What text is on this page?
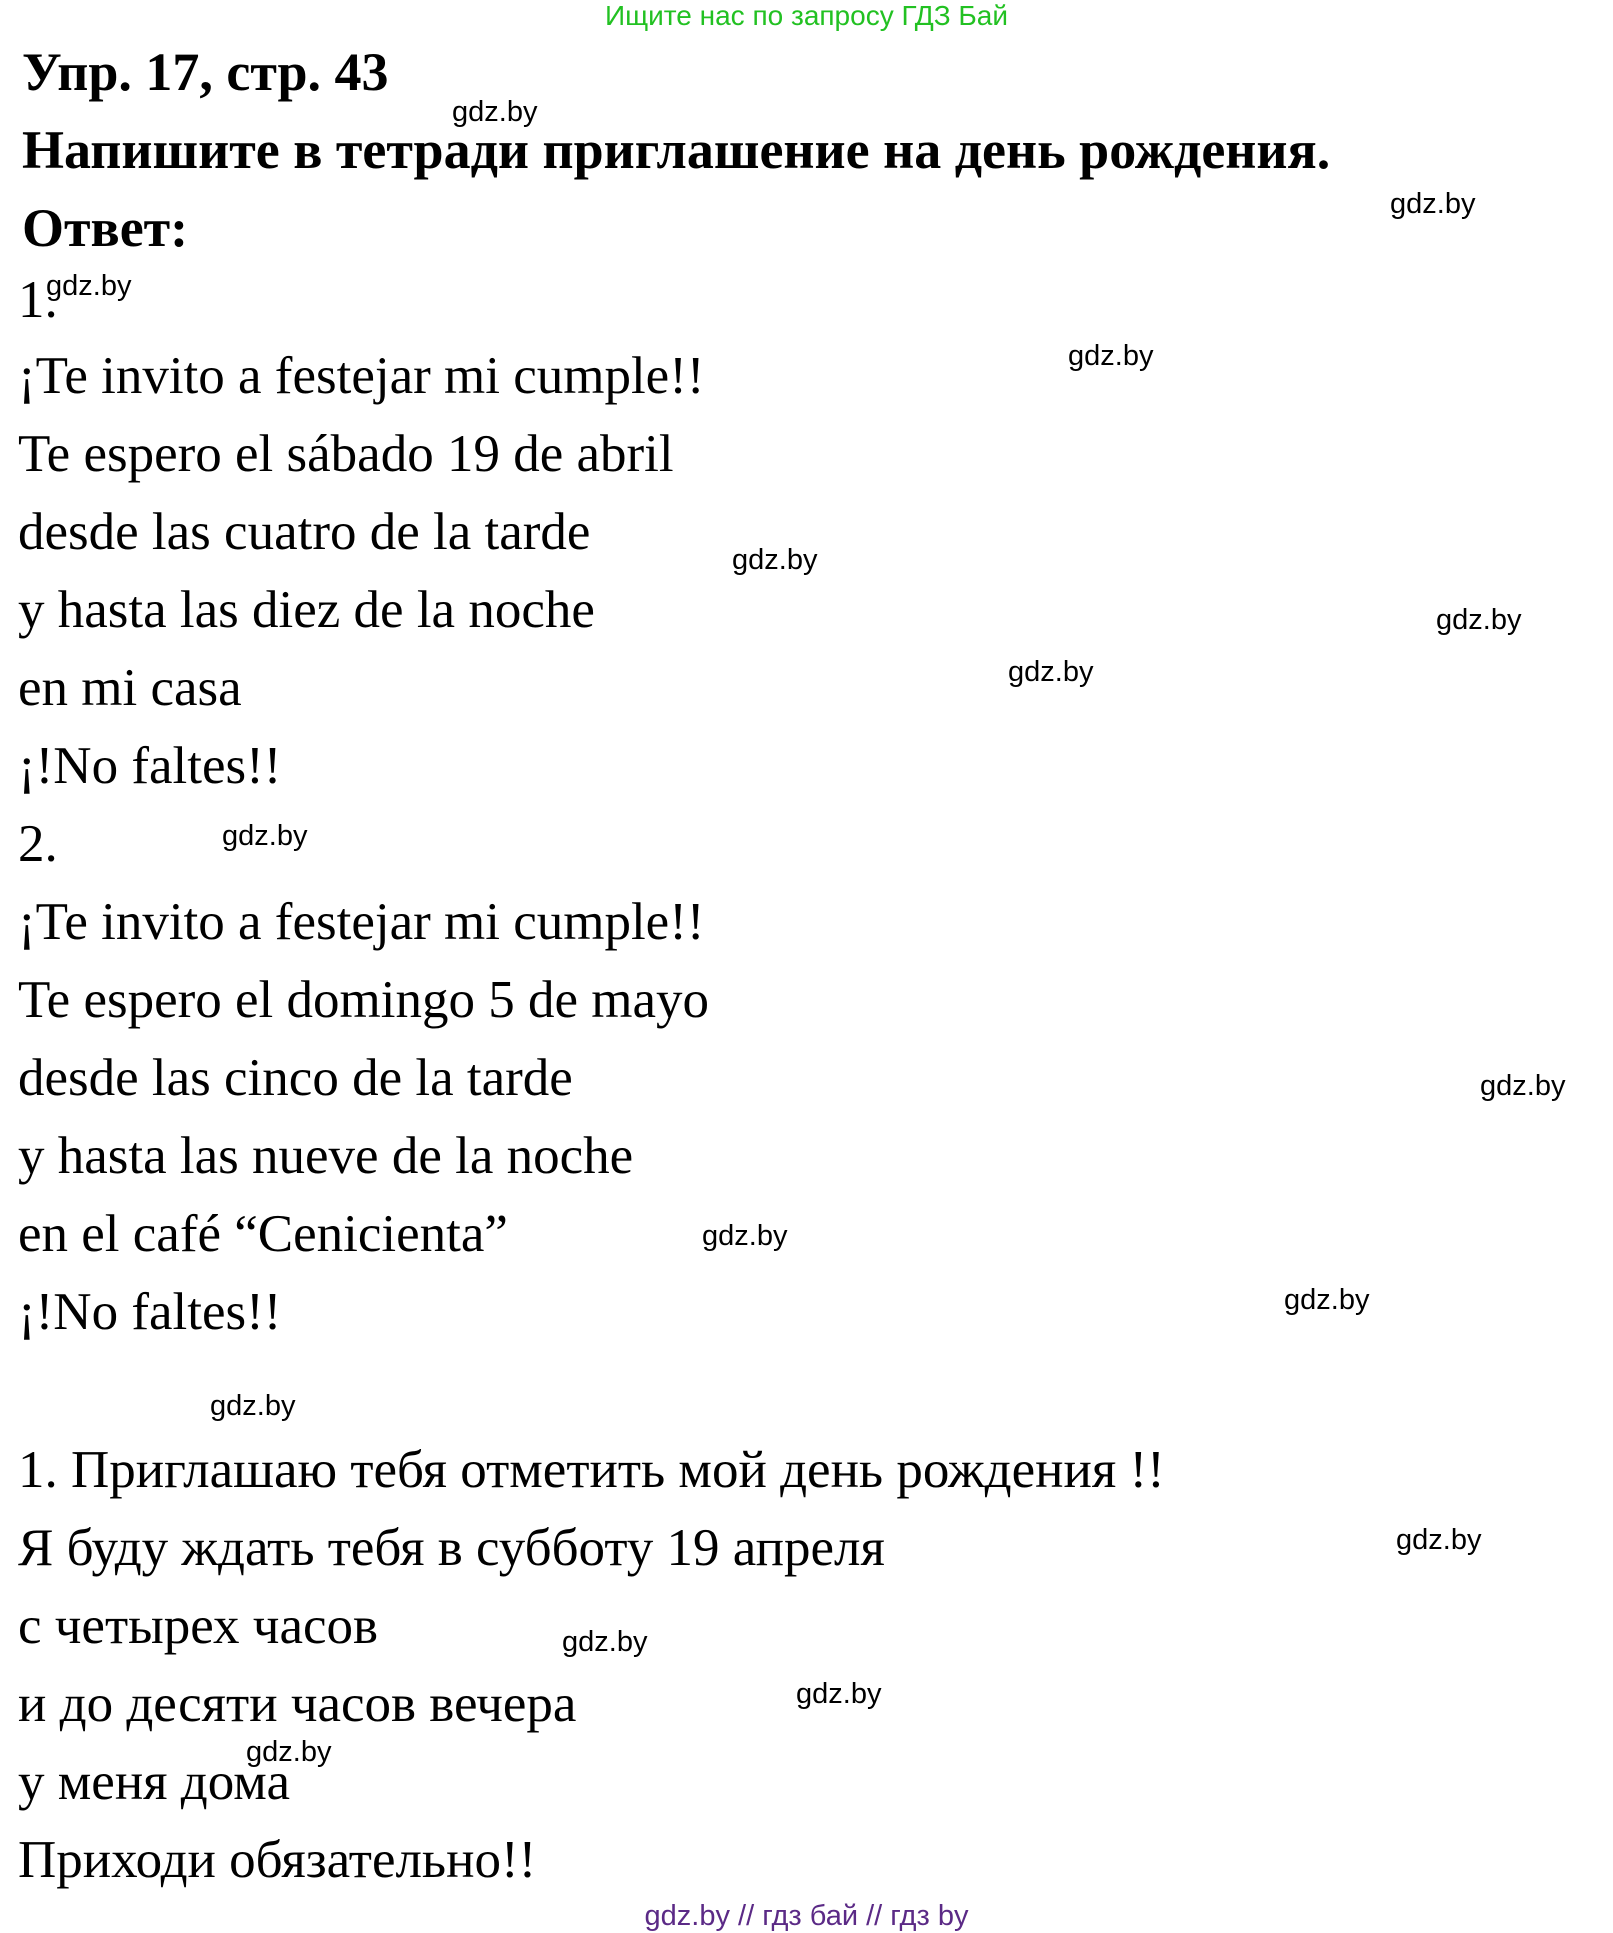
Ищите нас по запросу ГДЗ Бай
Упр. 17, стр. 43
Напишите в тетради приглашение на день рождения.
Ответ:
1.
¡Te invito a festejar mi cumple!!
Te espero el sábado 19 de abril
desde las cuatro de la tarde
y hasta las diez de la noche
en mi casa
¡!No faltes!!
2.
¡Te invito a festejar mi cumple!!
Te espero el domingo 5 de mayo
desde las cinco de la tarde
y hasta las nueve de la noche
en el café “Cenicienta”
¡!No faltes!!
1. Приглашаю тебя отметить мой день рождения !!
Я буду ждать тебя в субботу 19 апреля
с четырех часов
и до десяти часов вечера
у меня дома
Приходи обязательно!!
gdz.by
gdz.by
gdz.by
gdz.by
gdz.by
gdz.by
gdz.by
gdz.by
gdz.by
gdz.by
gdz.by
gdz.by
gdz.by
gdz.by
gdz.by
gdz.by
gdz.by // гдз бай // гдз by
